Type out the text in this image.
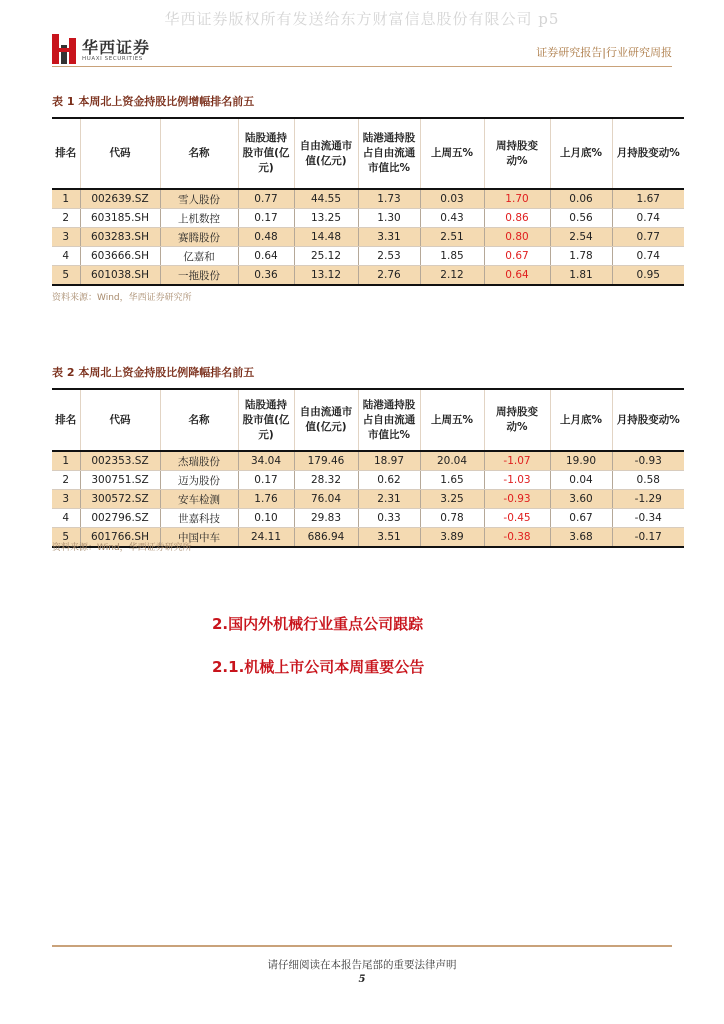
华西证券版权所有发送给东方财富信息股份有限公司 p5
华西证券
HUAXI SECURITIES	证券研究报告|行业研究周报
表 1 本周北上资金持股比例增幅排名前五
排名	代码	名称	陆股通持股市值(亿元)	自由流通市值(亿元)	陆港通持股占自由流通市值比%	上周五%	周持股变动%	上月底%	月持股变动%
1	002639.SZ	雪人股份	0.77	44.55	1.73	0.03	1.70	0.06	1.67
2	603185.SH	上机数控	0.17	13.25	1.30	0.43	0.86	0.56	0.74
3	603283.SH	赛腾股份	0.48	14.48	3.31	2.51	0.80	2.54	0.77
4	603666.SH	亿嘉和	0.64	25.12	2.53	1.85	0.67	1.78	0.74
5	601038.SH	一拖股份	0.36	13.12	2.76	2.12	0.64	1.81	0.95
资料来源：Wind，华西证券研究所
表 2 本周北上资金持股比例降幅排名前五
排名	代码	名称	陆股通持股市值(亿元)	自由流通市值(亿元)	陆港通持股占自由流通市值比%	上周五%	周持股变动%	上月底%	月持股变动%
1	002353.SZ	杰瑞股份	34.04	179.46	18.97	20.04	-1.07	19.90	-0.93
2	300751.SZ	迈为股份	0.17	28.32	0.62	1.65	-1.03	0.04	0.58
3	300572.SZ	安车检测	1.76	76.04	2.31	3.25	-0.93	3.60	-1.29
4	002796.SZ	世嘉科技	0.10	29.83	0.33	0.78	-0.45	0.67	-0.34
5	601766.SH	中国中车	24.11	686.94	3.51	3.89	-0.38	3.68	-0.17
资料来源：Wind，华西证券研究所
2.国内外机械行业重点公司跟踪
2.1.机械上市公司本周重要公告
请仔细阅读在本报告尾部的重要法律声明
5
